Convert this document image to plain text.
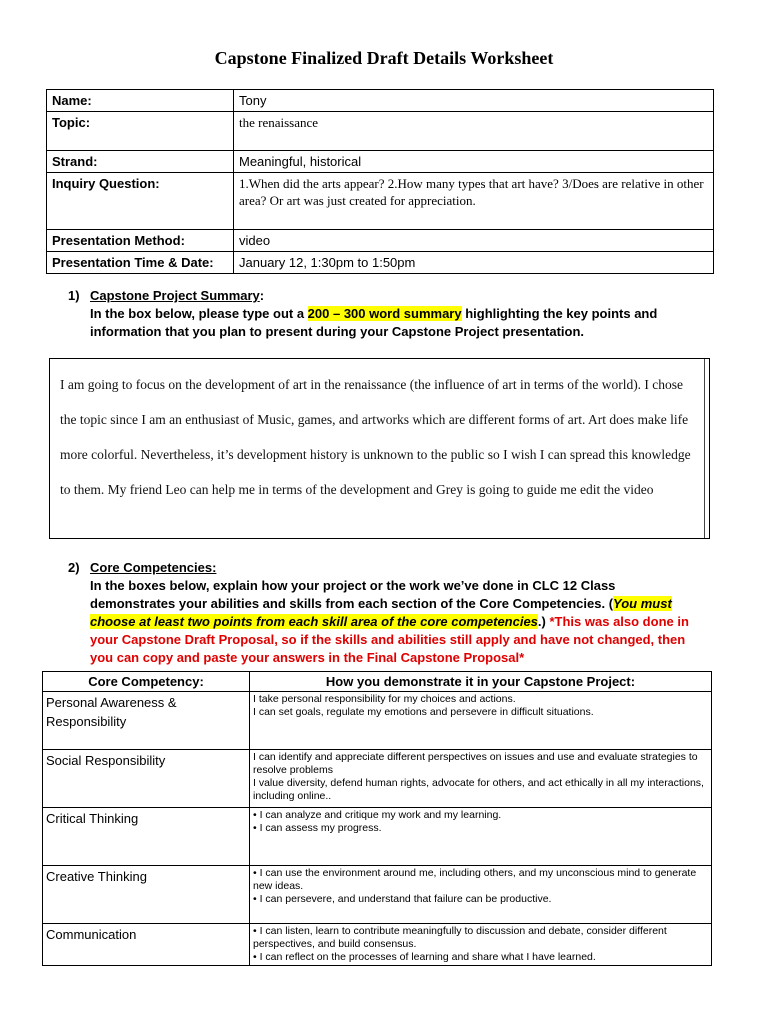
Capstone Finalized Draft Details Worksheet
Name:	Tony
Topic:	the renaissance
Strand:	Meaningful, historical
Inquiry Question:	1.When did the arts appear? 2.How many types that art have? 3/Does are relative in other area? Or art was just created for appreciation.
Presentation Method:	video
Presentation Time & Date:	January 12, 1:30pm to 1:50pm
1) Capstone Project Summary:
In the box below, please type out a 200 – 300 word summary highlighting the key points and information that you plan to present during your Capstone Project presentation.
I am going to focus on the development of art in the renaissance (the influence of art in terms of the world). I chose the topic since I am an enthusiast of Music, games, and artworks which are different forms of art. Art does make life more colorful. Nevertheless, it’s development history is unknown to the public so I wish I can spread this knowledge to them. My friend Leo can help me in terms of the development and Grey is going to guide me edit the video
2) Core Competencies:
In the boxes below, explain how your project or the work we’ve done in CLC 12 Class demonstrates your abilities and skills from each section of the Core Competencies. (You must choose at least two points from each skill area of the core competencies.) *This was also done in your Capstone Draft Proposal, so if the skills and abilities still apply and have not changed, then you can copy and paste your answers in the Final Capstone Proposal*
Core Competency:	How you demonstrate it in your Capstone Project:
Personal Awareness & Responsibility	I take personal responsibility for my choices and actions.
I can set goals, regulate my emotions and persevere in difficult situations.

Social Responsibility	I can identify and appreciate different perspectives on issues and use and evaluate strategies to resolve problems
I value diversity, defend human rights, advocate for others, and act ethically in all my interactions, including online..

Critical Thinking	• I can analyze and critique my work and my learning.
• I can assess my progress.

Creative Thinking	• I can use the environment around me, including others, and my unconscious mind to generate new ideas.
• I can persevere, and understand that failure can be productive.

Communication	• I can listen, learn to contribute meaningfully to discussion and debate, consider different perspectives, and build consensus.
• I can reflect on the processes of learning and share what I have learned.
